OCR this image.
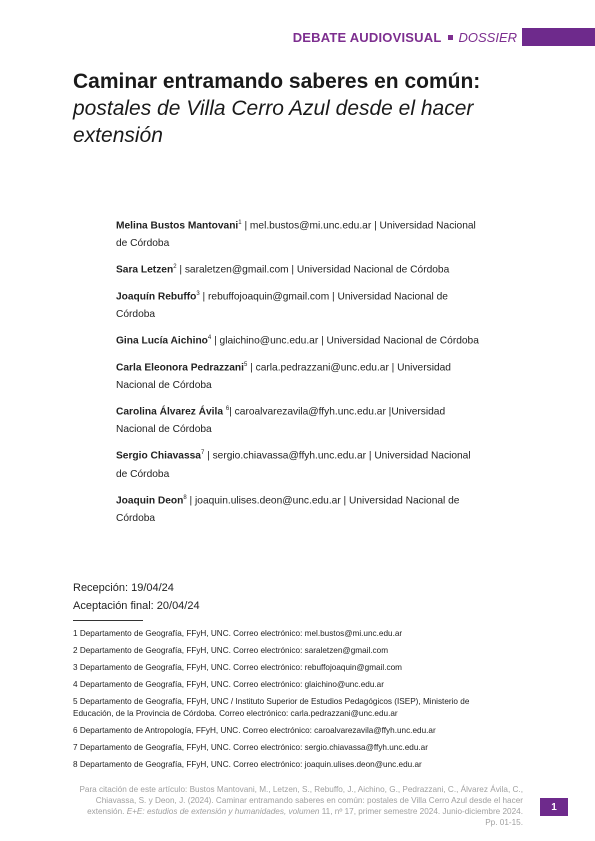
DEBATE AUDIOVISUAL DOSSIER
Caminar entramando saberes en común: postales de Villa Cerro Azul desde el hacer extensión
Melina Bustos Mantovani$^1$ | mel.bustos@mi.unc.edu.ar | Universidad Nacional de Córdoba
Sara Letzen$^2$ | saraletzen@gmail.com | Universidad Nacional de Córdoba
Joaquín Rebuffo$^3$ | rebuffojoaquin@gmail.com | Universidad Nacional de Córdoba
Gina Lucía Aichino$^4$ | glaichino@unc.edu.ar | Universidad Nacional de Córdoba
Carla Eleonora Pedrazzani$^5$ | carla.pedrazzani@unc.edu.ar | Universidad Nacional de Córdoba
Carolina Álvarez Ávila $^6$| caroalvarezavila@ffyh.unc.edu.ar |Universidad Nacional de Córdoba
Sergio Chiavassa$^7$ | sergio.chiavassa@ffyh.unc.edu.ar | Universidad Nacional de Córdoba
Joaquin Deon$^8$ | joaquin.ulises.deon@unc.edu.ar | Universidad Nacional de Córdoba
Recepción: 19/04/24
Aceptación final: 20/04/24
1 Departamento de Geografía, FFyH, UNC. Correo electrónico: mel.bustos@mi.unc.edu.ar
2 Departamento de Geografía, FFyH, UNC. Correo electrónico: saraletzen@gmail.com
3 Departamento de Geografía, FFyH, UNC. Correo electrónico: rebuffojoaquin@gmail.com
4 Departamento de Geografía, FFyH, UNC. Correo electrónico: glaichino@unc.edu.ar
5 Departamento de Geografía, FFyH, UNC / Instituto Superior de Estudios Pedagógicos (ISEP), Ministerio de Educación, de la Provincia de Córdoba. Correo electrónico: carla.pedrazzani@unc.edu.ar
6 Departamento de Antropología, FFyH, UNC. Correo electrónico: caroalvarezavila@ffyh.unc.edu.ar
7 Departamento de Geografía, FFyH, UNC. Correo electrónico: sergio.chiavassa@ffyh.unc.edu.ar
8 Departamento de Geografía, FFyH, UNC. Correo electrónico: joaquin.ulises.deon@unc.edu.ar
Para citación de este artículo: Bustos Mantovani, M., Letzen, S., Rebuffo, J., Aichino, G., Pedrazzani, C., Álvarez Ávila, C., Chiavassa, S. y Deon, J. (2024). Caminar entramando saberes en común: postales de Villa Cerro Azul desde el hacer extensión. E+E: estudios de extensión y humanidades, volumen 11, nº 17, primer semestre 2024. Junio-diciembre 2024. Pp. 01-15.
1
